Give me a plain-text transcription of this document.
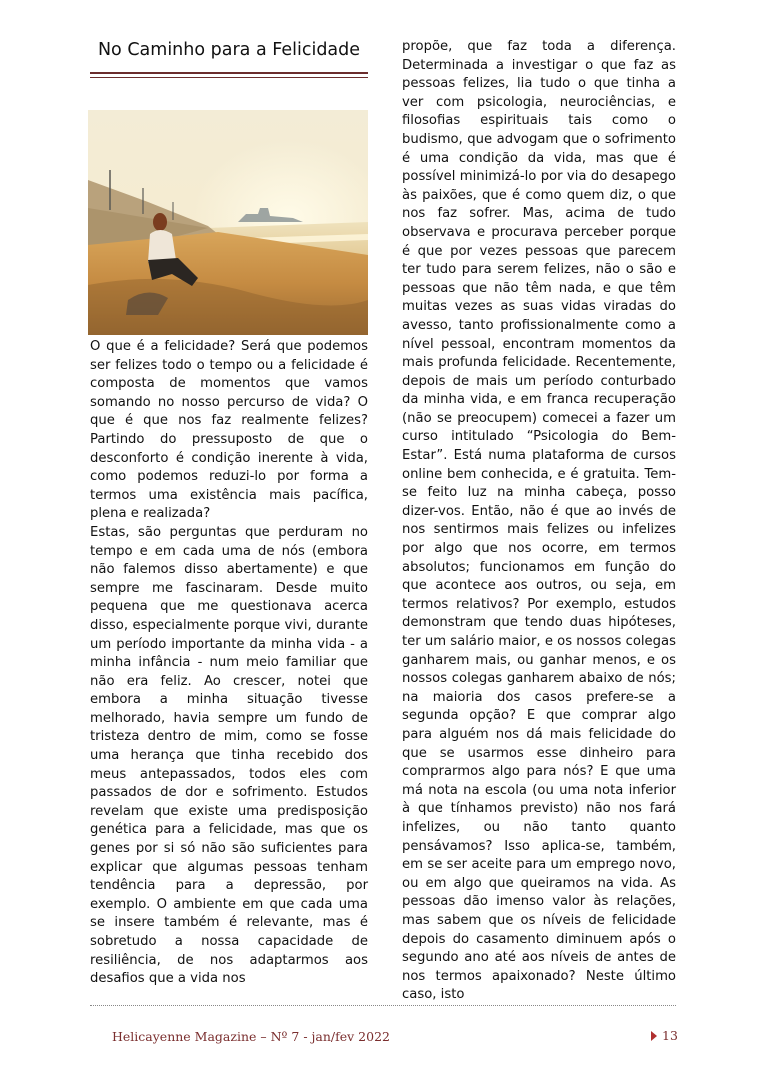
No Caminho para a Felicidade

O que é a felicidade? Será que podemos ser felizes todo o tempo ou a felicidade é composta de momentos que vamos somando no nosso percurso de vida? O que é que nos faz realmente felizes? Partindo do pressuposto de que o desconforto é condição inerente à vida, como podemos reduzi-lo por forma a termos uma existência mais pacífica, plena e realizada?

Estas, são perguntas que perduram no tempo e em cada uma de nós (embora não falemos disso abertamente) e que sempre me fascinaram. Desde muito pequena que me questionava acerca disso, especialmente porque vivi, durante um período importante da minha vida - a minha infância - num meio familiar que não era feliz. Ao crescer, notei que embora a minha situação tivesse melhorado, havia sempre um fundo de tristeza dentro de mim, como se fosse uma herança que tinha recebido dos meus antepassados, todos eles com passados de dor e sofrimento. Estudos revelam que existe uma predisposição genética para a felicidade, mas que os genes por si só não são suficientes para explicar que algumas pessoas tenham tendência para a depressão, por exemplo. O ambiente em que cada uma se insere também é relevante, mas é sobretudo a nossa capacidade de resiliência, de nos adaptarmos aos desafios que a vida nos

propõe, que faz toda a diferença. Determinada a investigar o que faz as pessoas felizes, lia tudo o que tinha a ver com psicologia, neurociências, e filosofias espirituais tais como o budismo, que advogam que o sofrimento é uma condição da vida, mas que é possível minimizá-lo por via do desapego às paixões, que é como quem diz, o que nos faz sofrer. Mas, acima de tudo observava e procurava perceber porque é que por vezes pessoas que parecem ter tudo para serem felizes, não o são e pessoas que não têm nada, e que têm muitas vezes as suas vidas viradas do avesso, tanto profissionalmente como a nível pessoal, encontram momentos da mais profunda felicidade. Recentemente, depois de mais um período conturbado da minha vida, e em franca recuperação (não se preocupem) comecei a fazer um curso intitulado “Psicologia do Bem-Estar”. Está numa plataforma de cursos online bem conhecida, e é gratuita. Tem-se feito luz na minha cabeça, posso dizer-vos. Então, não é que ao invés de nos sentirmos mais felizes ou infelizes por algo que nos ocorre, em termos absolutos; funcionamos em função do que acontece aos outros, ou seja, em termos relativos? Por exemplo, estudos demonstram que tendo duas hipóteses, ter um salário maior, e os nossos colegas ganharem mais, ou ganhar menos, e os nossos colegas ganharem abaixo de nós; na maioria dos casos prefere-se a segunda opção? E que comprar algo para alguém nos dá mais felicidade do que se usarmos esse dinheiro para comprarmos algo para nós? E que uma má nota na escola (ou uma nota inferior à que tínhamos previsto) não nos fará infelizes, ou não tanto quanto pensávamos? Isso aplica-se, também, em se ser aceite para um emprego novo, ou em algo que queiramos na vida. As pessoas dão imenso valor às relações, mas sabem que os níveis de felicidade depois do casamento diminuem após o segundo ano até aos níveis de antes de nos termos apaixonado? Neste último caso, isto

Helicayenne Magazine – Nº 7 - jan/fev 2022	13
